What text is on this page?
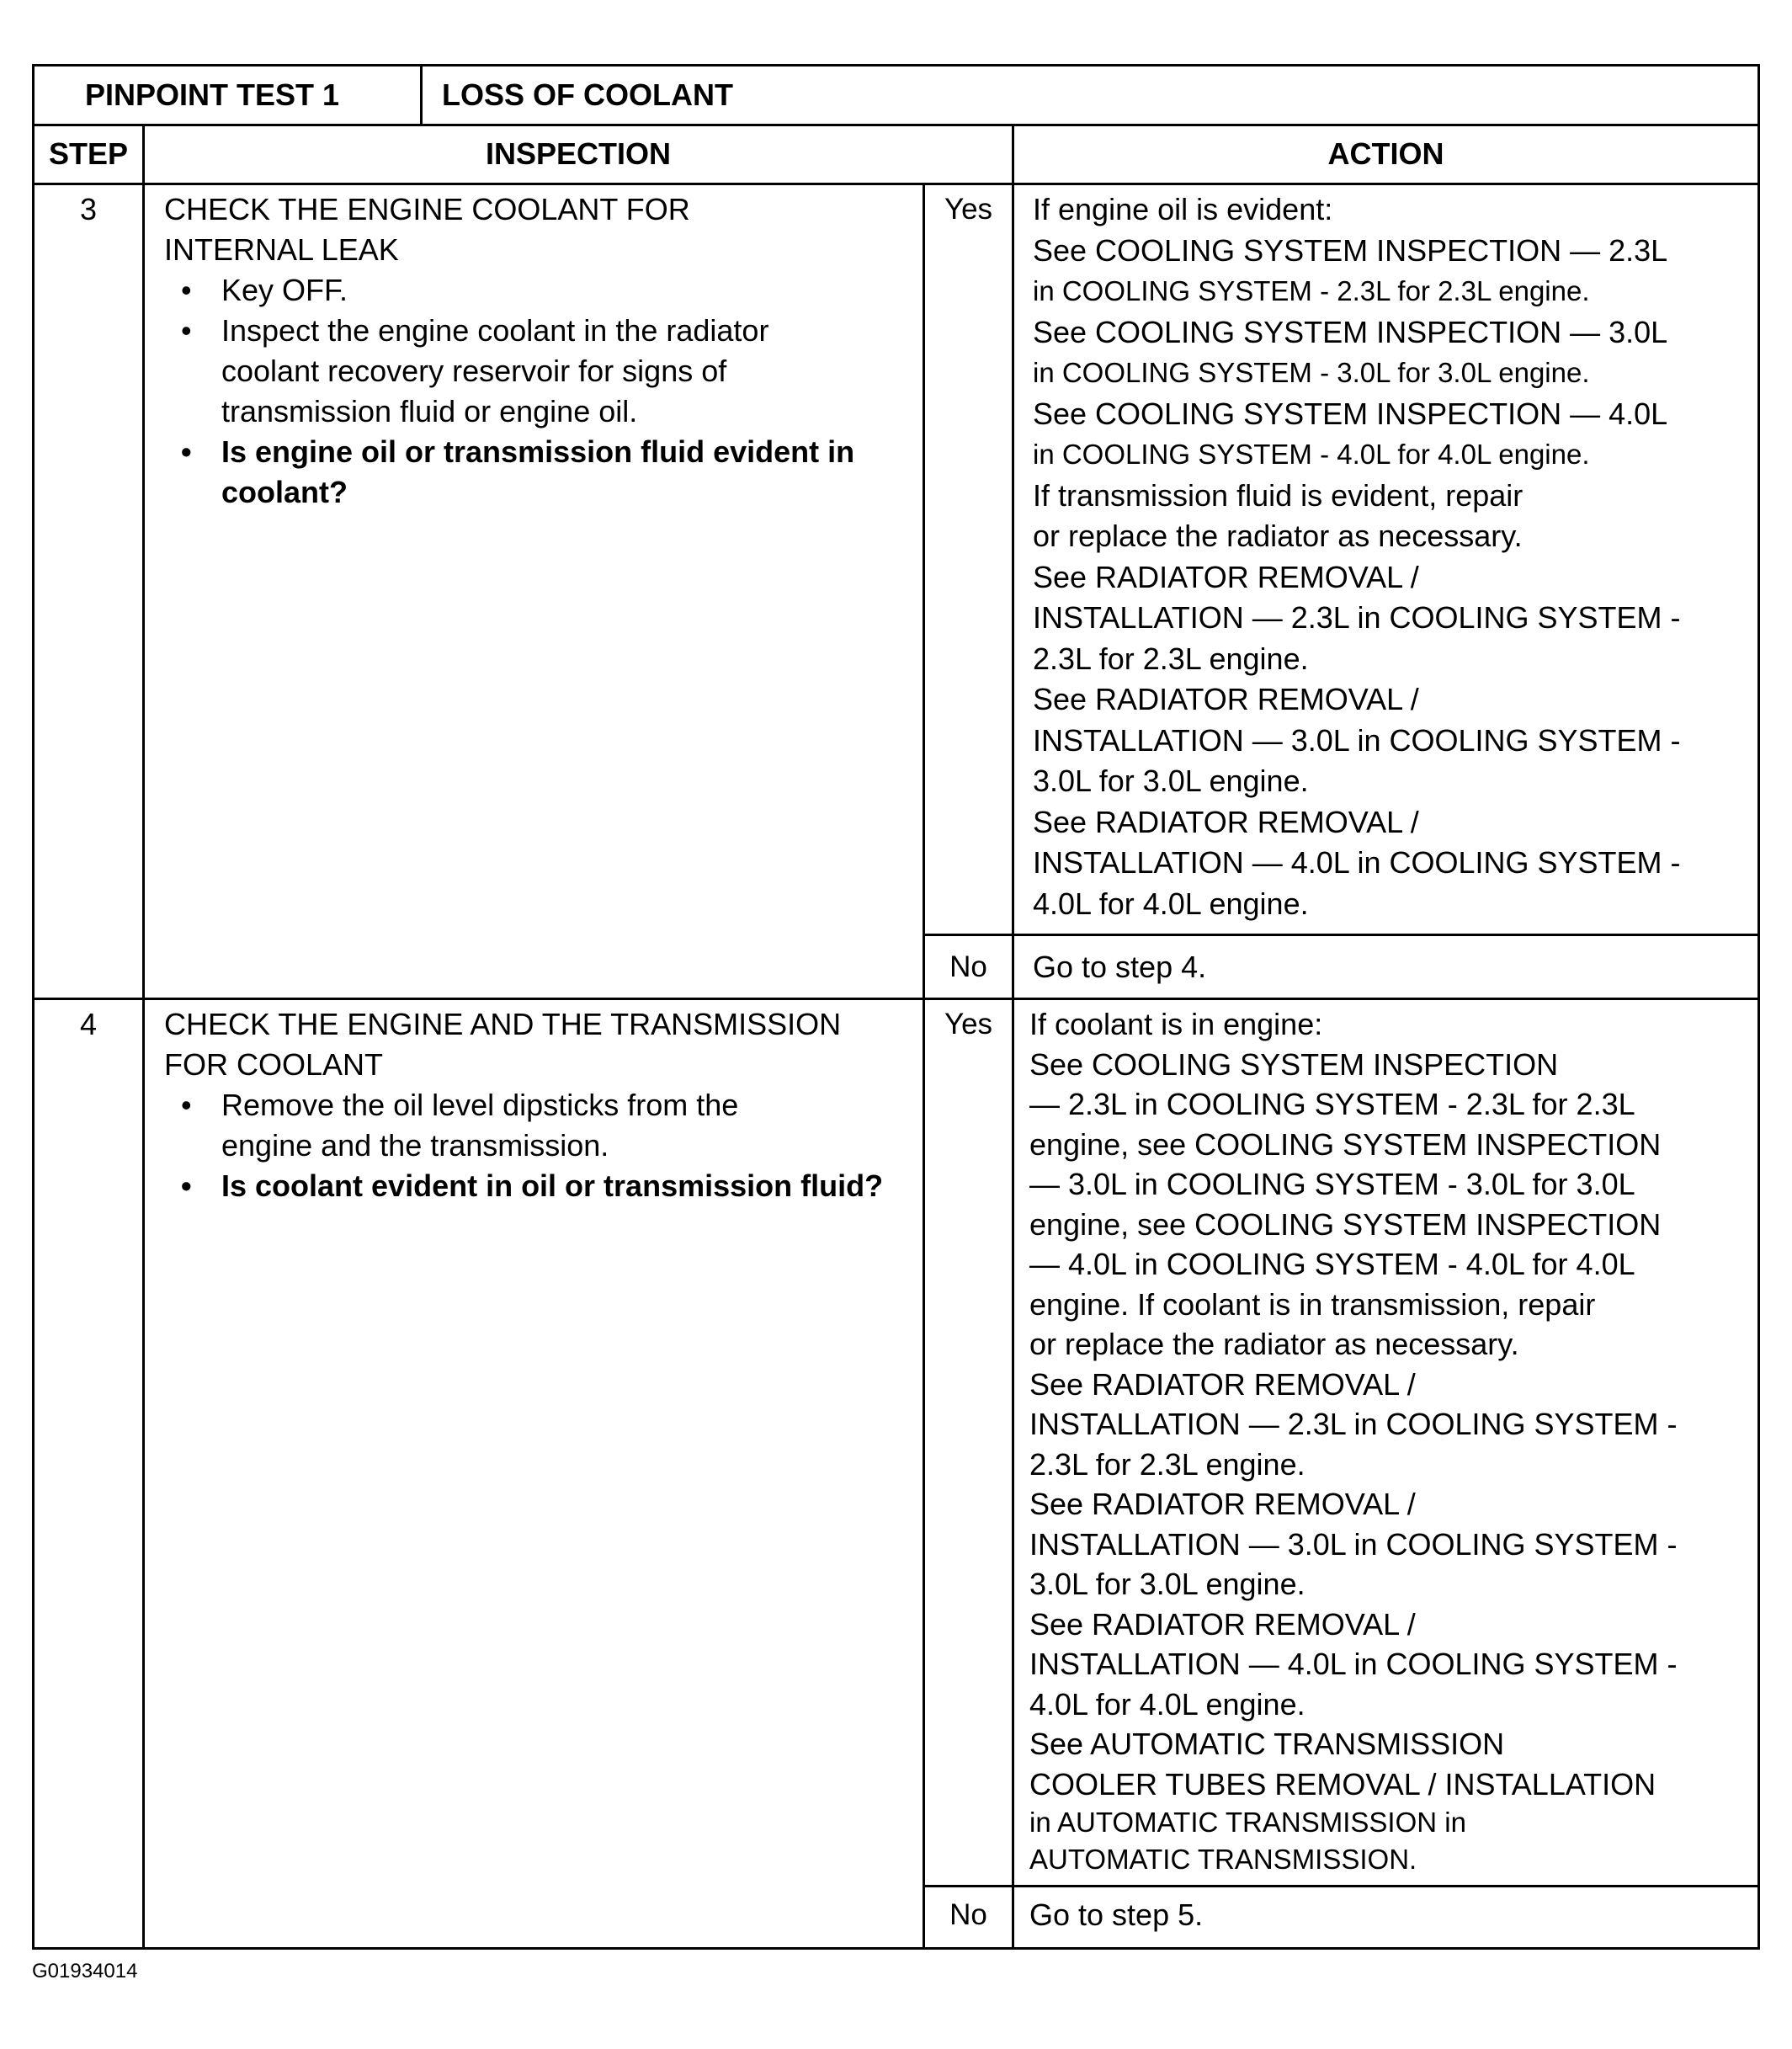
PINPOINT TEST 1	LOSS OF COOLANT
STEP	INSPECTION	ACTION
3	CHECK THE ENGINE COOLANT FOR
INTERNAL LEAK
• Key OFF.
• Inspect the engine coolant in the radiator coolant recovery reservoir for signs of transmission fluid or engine oil.
• Is engine oil or transmission fluid evident in coolant?
Yes	If engine oil is evident:
See COOLING SYSTEM INSPECTION — 2.3L
in COOLING SYSTEM - 2.3L for 2.3L engine.
See COOLING SYSTEM INSPECTION — 3.0L
in COOLING SYSTEM - 3.0L for 3.0L engine.
See COOLING SYSTEM INSPECTION — 4.0L
in COOLING SYSTEM - 4.0L for 4.0L engine.
If transmission fluid is evident, repair
or replace the radiator as necessary.
See RADIATOR REMOVAL /
INSTALLATION — 2.3L in COOLING SYSTEM -
2.3L for 2.3L engine.
See RADIATOR REMOVAL /
INSTALLATION — 3.0L in COOLING SYSTEM -
3.0L for 3.0L engine.
See RADIATOR REMOVAL /
INSTALLATION — 4.0L in COOLING SYSTEM -
4.0L for 4.0L engine.
No	Go to step 4.
4	CHECK THE ENGINE AND THE TRANSMISSION
FOR COOLANT
• Remove the oil level dipsticks from the engine and the transmission.
• Is coolant evident in oil or transmission fluid?
Yes	If coolant is in engine:
See COOLING SYSTEM INSPECTION
— 2.3L in COOLING SYSTEM - 2.3L for 2.3L
engine, see COOLING SYSTEM INSPECTION
— 3.0L in COOLING SYSTEM - 3.0L for 3.0L
engine, see COOLING SYSTEM INSPECTION
— 4.0L in COOLING SYSTEM - 4.0L for 4.0L
engine. If coolant is in transmission, repair
or replace the radiator as necessary.
See RADIATOR REMOVAL /
INSTALLATION — 2.3L in COOLING SYSTEM -
2.3L for 2.3L engine.
See RADIATOR REMOVAL /
INSTALLATION — 3.0L in COOLING SYSTEM -
3.0L for 3.0L engine.
See RADIATOR REMOVAL /
INSTALLATION — 4.0L in COOLING SYSTEM -
4.0L for 4.0L engine.
See AUTOMATIC TRANSMISSION
COOLER TUBES REMOVAL / INSTALLATION
in AUTOMATIC TRANSMISSION in
AUTOMATIC TRANSMISSION.
No	Go to step 5.
G01934014
